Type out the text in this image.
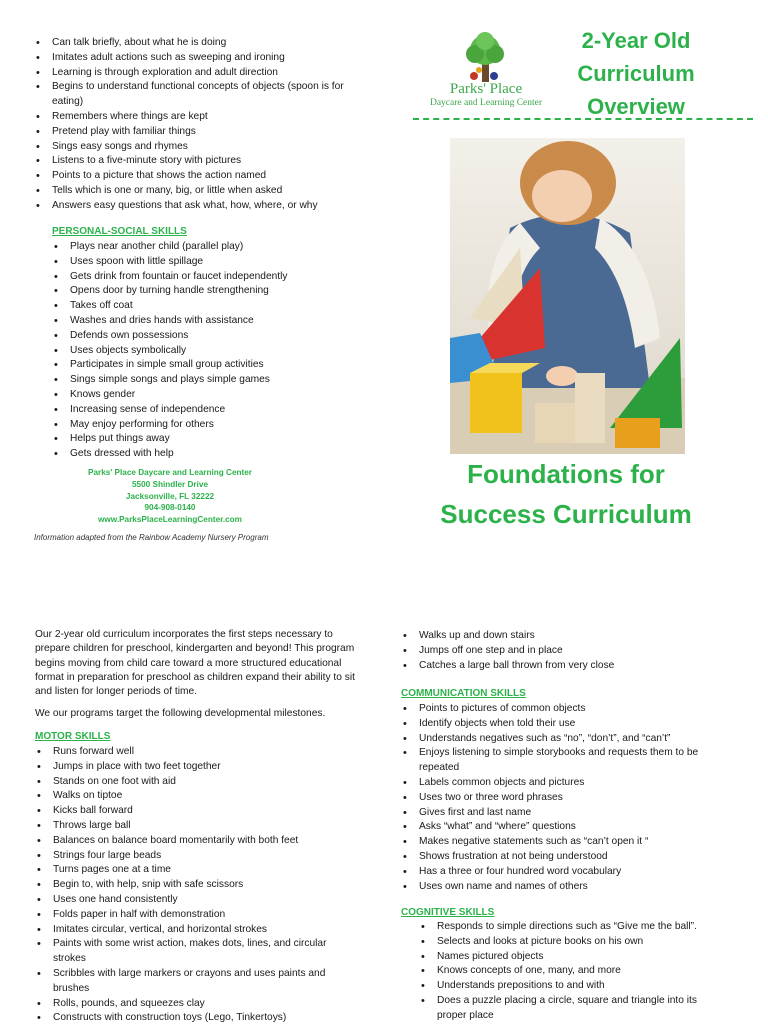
• Can talk briefly, about what he is doing
• Imitates adult actions such as sweeping and ironing
• Learning is through exploration and adult direction
• Begins to understand functional concepts of objects (spoon is for eating)
• Remembers where things are kept
• Pretend play with familiar things
• Sings easy songs and rhymes
• Listens to a five-minute story with pictures
• Points to a picture that shows the action named
• Tells which is one or many, big, or little when asked
• Answers easy questions that ask what, how, where, or why
PERSONAL-SOCIAL SKILLS
• Plays near another child (parallel play)
• Uses spoon with little spillage
• Gets drink from fountain or faucet independently
• Opens door by turning handle strengthening
• Takes off coat
• Washes and dries hands with assistance
• Defends own possessions
• Uses objects symbolically
• Participates in simple small group activities
• Sings simple songs and plays simple games
• Knows gender
• Increasing sense of independence
• May enjoy performing for others
• Helps put things away
• Gets dressed with help
Parks' Place Daycare and Learning Center
5500 Shindler Drive
Jacksonville, FL 32222
904-908-0140
www.ParksPlaceLearningCenter.com
Information adapted from the Rainbow Academy Nursery Program
Parks' Place
Daycare and Learning Center
2-Year Old
Curriculum
Overview
Foundations for
Success Curriculum

Our 2-year old curriculum incorporates the first steps necessary to prepare children for preschool, kindergarten and beyond! This program begins moving from child care toward a more structured educational format in preparation for preschool as children expand their ability to sit and listen for longer periods of time.

We our programs target the following developmental milestones.

MOTOR SKILLS
• Runs forward well
• Jumps in place with two feet together
• Stands on one foot with aid
• Walks on tiptoe
• Kicks ball forward
• Throws large ball
• Balances on balance board momentarily with both feet
• Strings four large beads
• Turns pages one at a time
• Begin to, with help, snip with safe scissors
• Uses one hand consistently
• Folds paper in half with demonstration
• Imitates circular, vertical, and horizontal strokes
• Paints with some wrist action, makes dots, lines, and circular strokes
• Scribbles with large markers or crayons and uses paints and brushes
• Rolls, pounds, and squeezes clay
• Constructs with construction toys (Lego, Tinkertoys)
• Walks up and down stairs
• Jumps off one step and in place
• Catches a large ball thrown from very close
COMMUNICATION SKILLS
• Points to pictures of common objects
• Identify objects when told their use
• Understands negatives such as “no”, “don’t”, and “can’t”
• Enjoys listening to simple storybooks and requests them to be repeated
• Labels common objects and pictures
• Uses two or three word phrases
• Gives first and last name
• Asks “what” and “where” questions
• Makes negative statements such as “can’t open it “
• Shows frustration at not being understood
• Has a three or four hundred word vocabulary
• Uses own name and names of others
COGNITIVE SKILLS
• Responds to simple directions such as “Give me the ball”.
• Selects and looks at picture books on his own
• Names pictured objects
• Knows concepts of one, many, and more
• Understands prepositions to and with
• Does a puzzle placing a circle, square and triangle into its proper place
